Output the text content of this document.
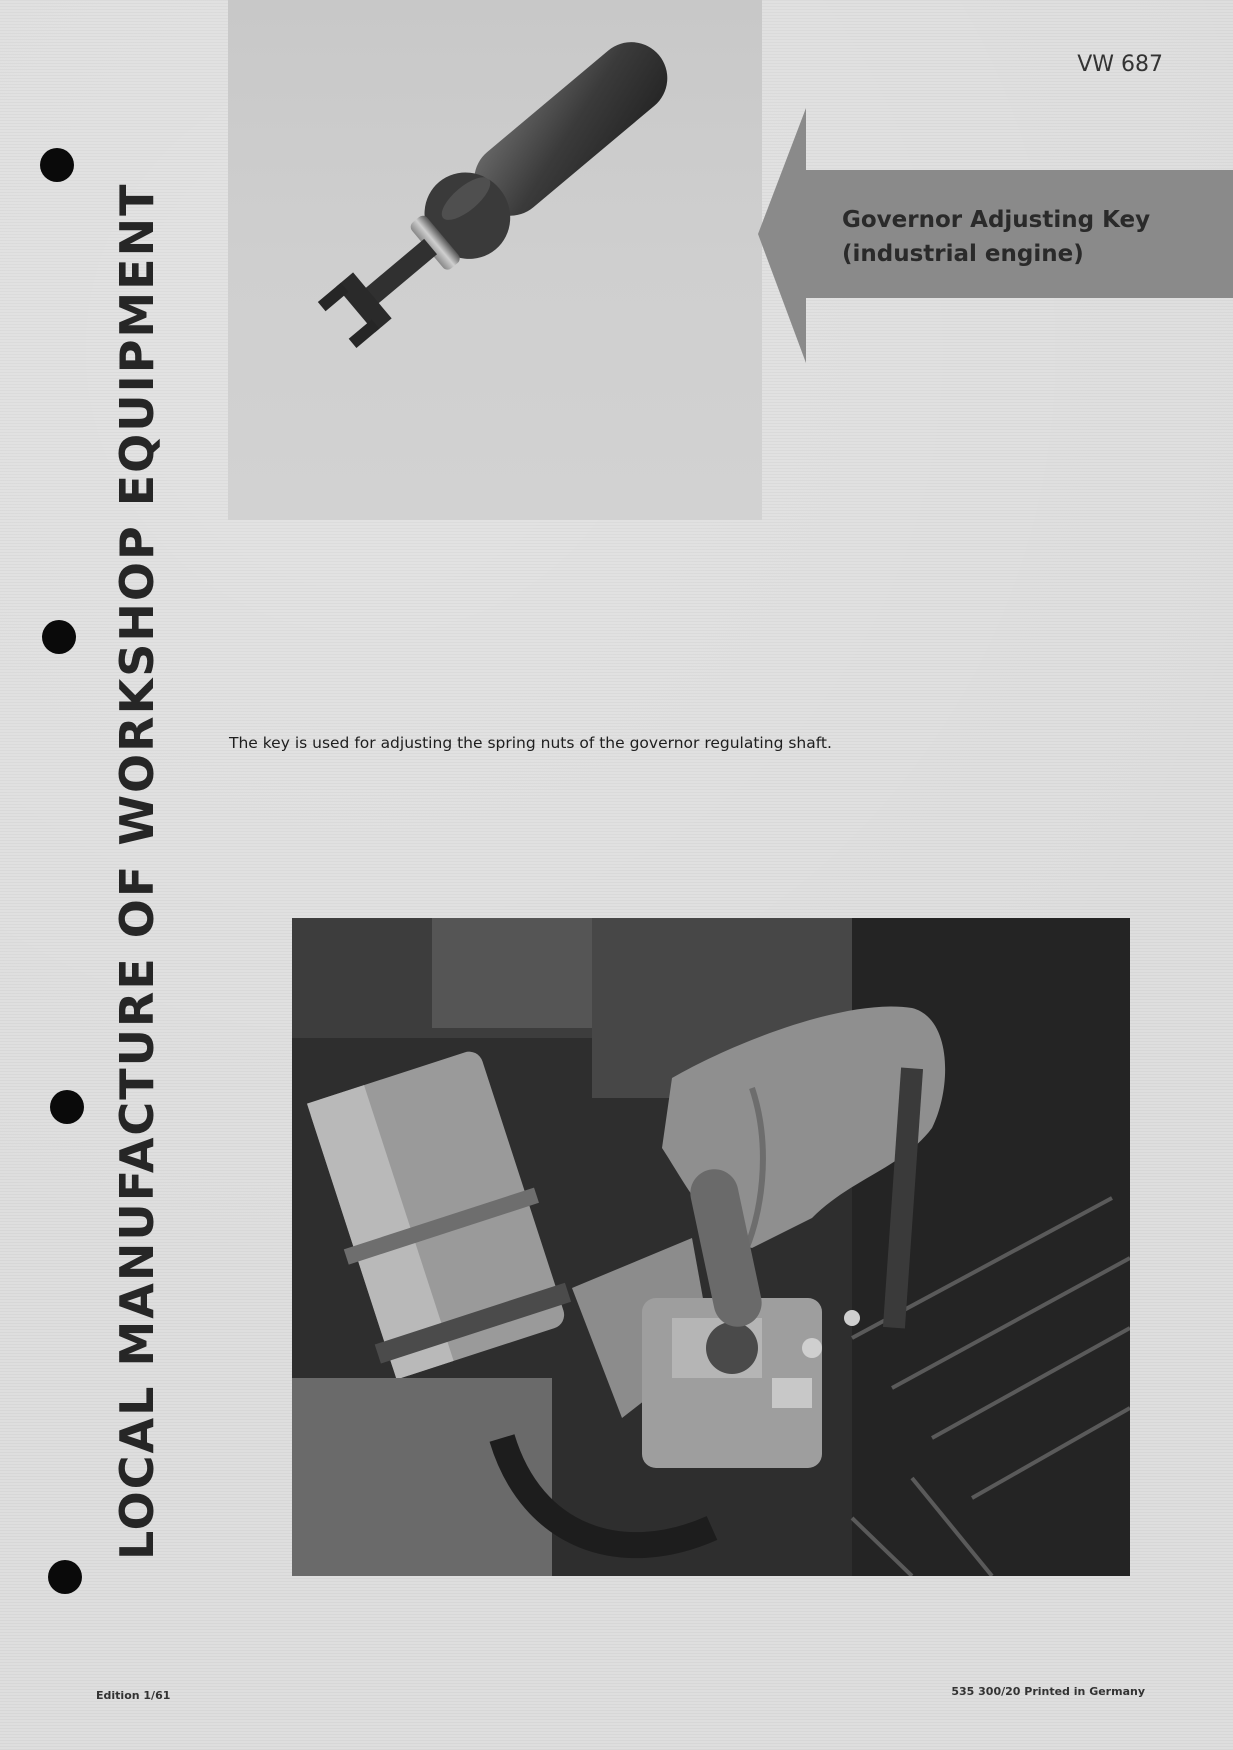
LOCAL MANUFACTURE OF WORKSHOP EQUIPMENT
VW 687
Governor Adjusting Key
(industrial engine)
The key is used for adjusting the spring nuts of the governor regulating shaft.
Edition 1/61	535 300/20 Printed in Germany
